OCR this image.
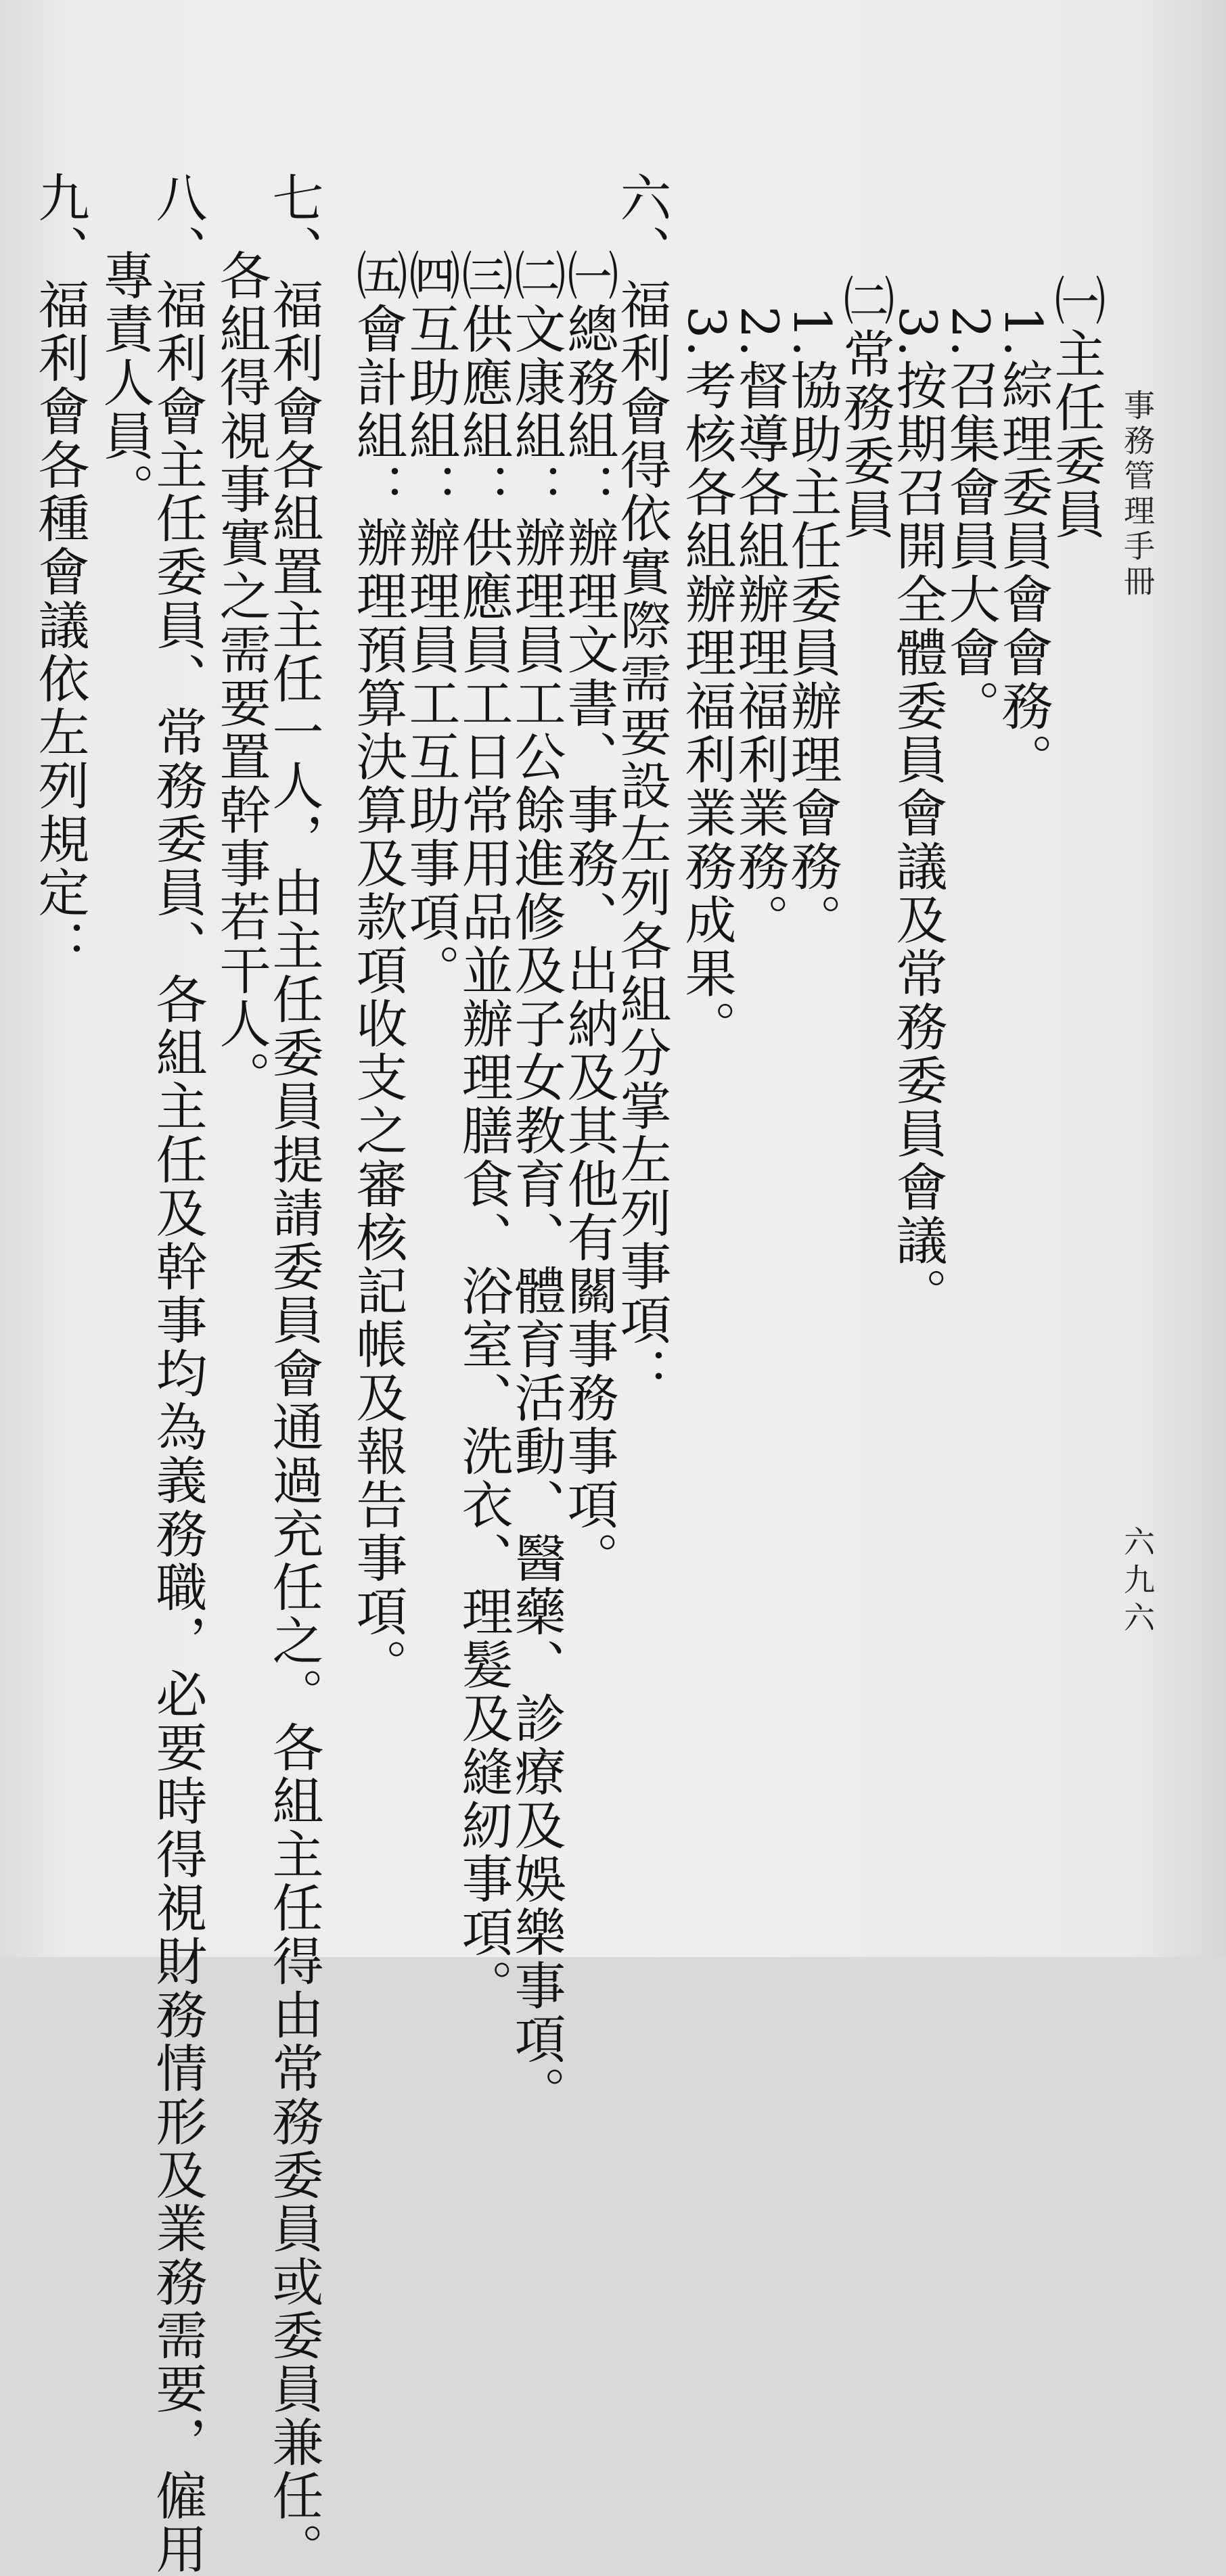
事務管理手冊
六九六
㈠主任委員
1.綜理委員會會務。
2.召集會員大會。
3.按期召開全體委員會議及常務委員會議。
㈡常務委員
1.協助主任委員辦理會務。
2.督導各組辦理福利業務。
3.考核各組辦理福利業務成果。
六、福利會得依實際需要設左列各組分掌左列事項：
㈠總務組：辦理文書、事務、出納及其他有關事務事項。
㈡文康組：辦理員工公餘進修及子女教育、體育活動、醫藥、診療及娛樂事項。
㈢供應組：供應員工日常用品並辦理膳食、浴室、洗衣、理髮及縫紉事項。
㈣互助組：辦理員工互助事項。
㈤會計組：辦理預算決算及款項收支之審核記帳及報告事項。
七、福利會各組置主任一人，由主任委員提請委員會通過充任之。各組主任得由常務委員或委員兼任。
各組得視事實之需要置幹事若干人。
八、福利會主任委員、常務委員、各組主任及幹事均為義務職，必要時得視財務情形及業務需要，僱用
專責人員。
九、福利會各種會議依左列規定：
